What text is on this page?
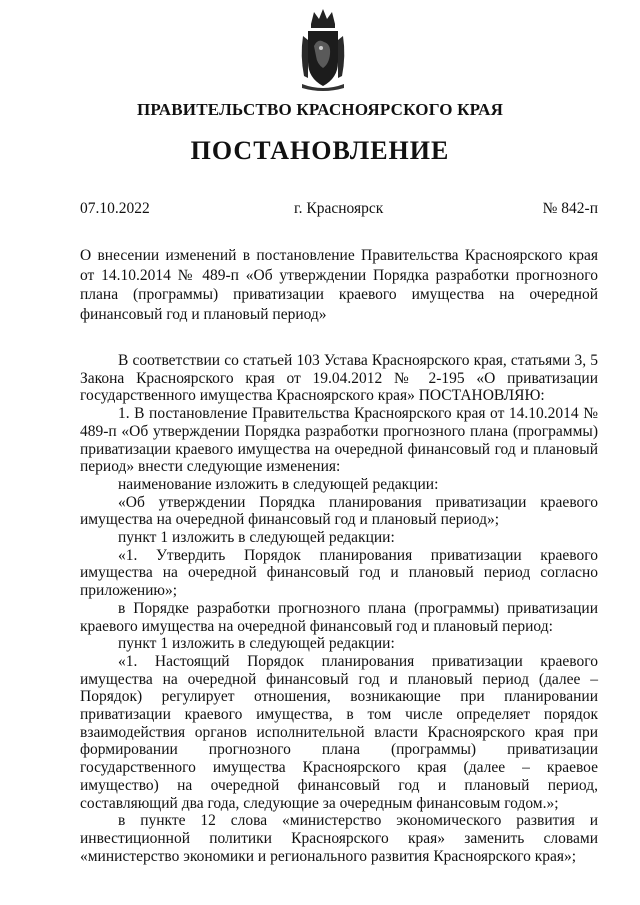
ПРАВИТЕЛЬСТВО КРАСНОЯРСКОГО КРАЯ
ПОСТАНОВЛЕНИЕ
07.10.2022	г. Красноярск	№ 842-п

О внесении изменений в постановление Правительства Красноярского края от 14.10.2014 № 489-п «Об утверждении Порядка разработки прогнозного плана (программы) приватизации краевого имущества на очередной финансовый год и плановый период»

В соответствии со статьей 103 Устава Красноярского края, статьями 3, 5 Закона Красноярского края от 19.04.2012 № 2-195 «О приватизации государственного имущества Красноярского края» ПОСТАНОВЛЯЮ:

1. В постановление Правительства Красноярского края от 14.10.2014 № 489-п «Об утверждении Порядка разработки прогнозного плана (программы) приватизации краевого имущества на очередной финансовый год и плановый период» внести следующие изменения:

наименование изложить в следующей редакции:

«Об утверждении Порядка планирования приватизации краевого имущества на очередной финансовый год и плановый период»;

пункт 1 изложить в следующей редакции:

«1. Утвердить Порядок планирования приватизации краевого имущества на очередной финансовый год и плановый период согласно приложению»;

в Порядке разработки прогнозного плана (программы) приватизации краевого имущества на очередной финансовый год и плановый период:

пункт 1 изложить в следующей редакции:

«1. Настоящий Порядок планирования приватизации краевого имущества на очередной финансовый год и плановый период (далее – Порядок) регулирует отношения, возникающие при планировании приватизации краевого имущества, в том числе определяет порядок взаимодействия органов исполнительной власти Красноярского края при формировании прогнозного плана (программы) приватизации государственного имущества Красноярского края (далее – краевое имущество) на очередной финансовый год и плановый период, составляющий два года, следующие за очередным финансовым годом.»;

в пункте 12 слова «министерство экономического развития и инвестиционной политики Красноярского края» заменить словами «министерство экономики и регионального развития Красноярского края»;
